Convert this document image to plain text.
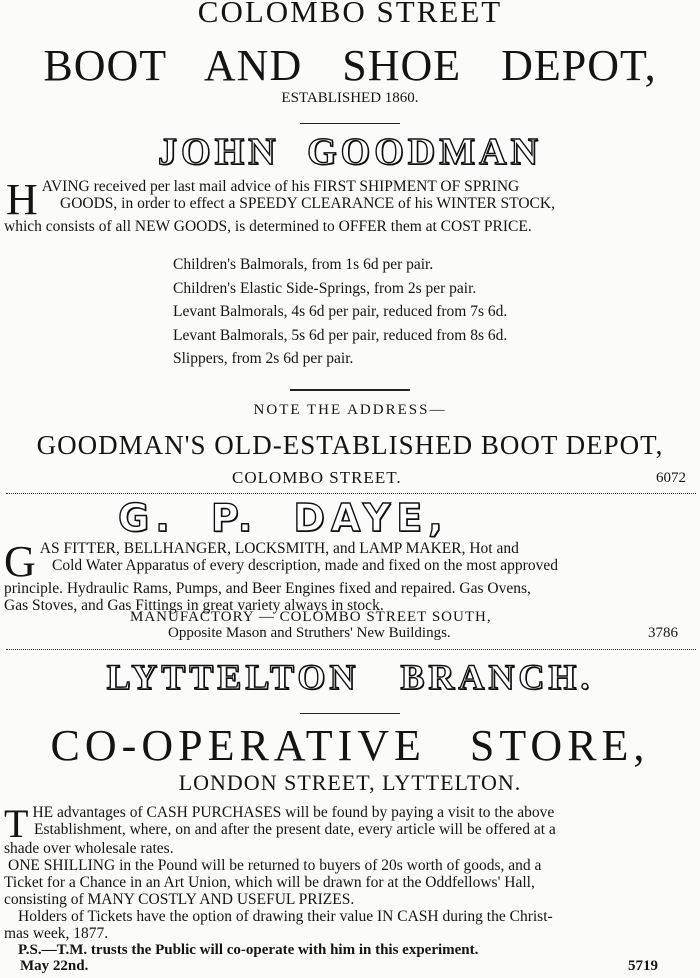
COLOMBO STREET
BOOT AND SHOE DEPOT,
ESTABLISHED 1860.
JOHN GOODMAN
H AVING received per last mail advice of his FIRST SHIPMENT OF SPRING
GOODS, in order to effect a SPEEDY CLEARANCE of his WINTER STOCK,
which consists of all NEW GOODS, is determined to OFFER them at COST PRICE.
Children's Balmorals, from 1s 6d per pair.
Children's Elastic Side-Springs, from 2s per pair.
Levant Balmorals, 4s 6d per pair, reduced from 7s 6d.
Levant Balmorals, 5s 6d per pair, reduced from 8s 6d.
Slippers, from 2s 6d per pair.
NOTE THE ADDRESS—
GOODMAN'S OLD-ESTABLISHED BOOT DEPOT,
COLOMBO STREET.	6072
G. P. DAYE,
G AS FITTER, BELLHANGER, LOCKSMITH, and LAMP MAKER, Hot and
Cold Water Apparatus of every description, made and fixed on the most approved
principle. Hydraulic Rams, Pumps, and Beer Engines fixed and repaired. Gas Ovens,
Gas Stoves, and Gas Fittings in great variety always in stock.
MANUFACTORY — COLOMBO STREET SOUTH,
Opposite Mason and Struthers' New Buildings.	3786
LYTTELTON BRANCH.
CO-OPERATIVE STORE,
LONDON STREET, LYTTELTON.
T HE advantages of CASH PURCHASES will be found by paying a visit to the above
Establishment, where, on and after the present date, every article will be offered at a
shade over wholesale rates.
ONE SHILLING in the Pound will be returned to buyers of 20s worth of goods, and a
Ticket for a Chance in an Art Union, which will be drawn for at the Oddfellows' Hall,
consisting of MANY COSTLY AND USEFUL PRIZES.
Holders of Tickets have the option of drawing their value IN CASH during the Christ-
mas week, 1877.
P.S.—T.M. trusts the Public will co-operate with him in this experiment.
May 22nd.	5719
